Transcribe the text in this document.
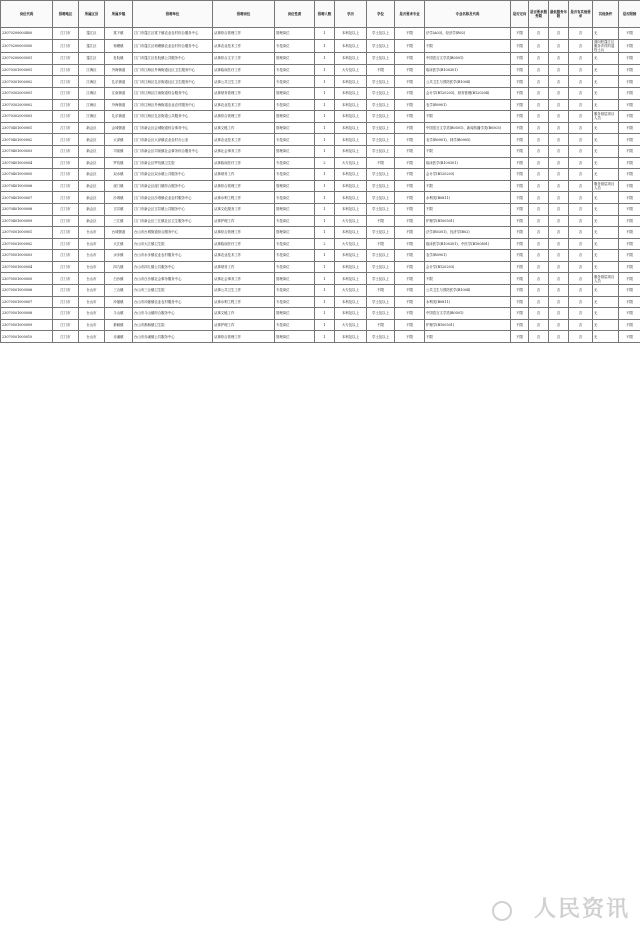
岗位代码	招聘地区	所属区县	所属乡镇	招聘单位	招聘岗位	岗位性质	招聘人数	学历	学位	是否要求专业	专业名称及代码	是否定向	是否要求服务期	最低服务年限	是否有其他要求	其他条件	是否限制
23070200000400	江门市	蓬江区	棠下镇	江门市蓬江区棠下镇农业农村综合服务中心	从事综合管理工作	管理岗位	1	本科及以上	学士及以上	不限	法学(A03)、经济学(B02)	不限	否	否	否	无	不限
23070200000500	江门市	蓬江区	荷塘镇	江门市蓬江区荷塘镇农业农村综合服务中心	从事农业技术工作	专技岗位	1	本科及以上	学士及以上	不限	不限	不限	否	否	否	面向驻蓬江区服务乡村的退役士兵	不限
23070200000501	江门市	蓬江区	杜阮镇	江门市蓬江区杜阮镇公共服务中心	从事综合文字工作	管理岗位	1	本科及以上	学士及以上	不限	中国语言文学类(B0501)	不限	否	否	否	无	不限
23070301000001	江门市	江海区	外海街道	江门市江海区外海街道社区卫生服务中心	从事临床医疗工作	专技岗位	1	大专及以上	不限	不限	临床医学(B100301)	不限	否	否	否	无	不限
23070301000002	江门市	江海区	礼乐街道	江门市江海区礼乐街道社区卫生服务中心	从事公共卫生工作	专技岗位	1	本科及以上	学士及以上	不限	公共卫生与预防医学(B1004)	不限	否	否	否	无	不限
23070302000001	江门市	江海区	江南街道	江门市江海区江南街道综合服务中心	从事财务管理工作	管理岗位	1	本科及以上	学士及以上	不限	会计学(B120203)、财务管理(B120204)	不限	否	否	否	无	不限
23070302000002	江门市	江海区	外海街道	江门市江海区外海街道农业农村服务中心	从事农业技术工作	专技岗位	1	本科及以上	学士及以上	不限	农学(B0901)	不限	否	否	否	无	不限
23070302000003	江门市	江海区	礼乐街道	江门市江海区礼乐街道公共服务中心	从事综合管理工作	管理岗位	1	本科及以上	学士及以上	不限	不限	不限	否	否	否	服务基层项目人员	不限
23070401000001	江门市	新会区	会城街道	江门市新会区会城街道综合事务中心	从事文秘工作	管理岗位	1	本科及以上	学士及以上	不限	中国语言文学类(B0501)、新闻传播学类(B0503)	不限	否	否	否	无	不限
23070401000002	江门市	新会区	大泽镇	江门市新会区大泽镇农业农村办公室	从事农业技术工作	专技岗位	1	本科及以上	学士及以上	不限	农学(B0901)、林学(B0905)	不限	否	否	否	无	不限
23070401000003	江门市	新会区	司前镇	江门市新会区司前镇社会事务综合服务中心	从事社会事务工作	管理岗位	1	本科及以上	学士及以上	不限	不限	不限	否	否	否	无	不限
23070401000004	江门市	新会区	罗坑镇	江门市新会区罗坑镇卫生院	从事临床医疗工作	专技岗位	2	大专及以上	不限	不限	临床医学(B100301)	不限	否	否	否	无	不限
23070401000005	江门市	新会区	双水镇	江门市新会区双水镇公共服务中心	从事财务工作	专技岗位	1	本科及以上	学士及以上	不限	会计学(B120203)	不限	否	否	否	无	不限
23070401000006	江门市	新会区	崖门镇	江门市新会区崖门镇综合服务中心	从事综合管理工作	管理岗位	1	本科及以上	学士及以上	不限	不限	不限	否	否	否	服务基层项目人员	不限
23070401000007	江门市	新会区	沙堆镇	江门市新会区沙堆镇农业农村服务中心	从事水利工程工作	专技岗位	1	本科及以上	学士及以上	不限	水利类(B0811)	不限	否	否	否	无	不限
23070401000008	江门市	新会区	古井镇	江门市新会区古井镇公共服务中心	从事文化服务工作	管理岗位	1	本科及以上	学士及以上	不限	不限	不限	否	否	否	无	不限
23070401000009	江门市	新会区	三江镇	江门市新会区三江镇社区卫生服务中心	从事护理工作	专技岗位	1	大专及以上	不限	不限	护理学(B100501)	不限	否	否	否	无	不限
23070501000001	江门市	台山市	台城街道	台山市台城街道综合服务中心	从事综合管理工作	管理岗位	1	本科及以上	学士及以上	不限	法学(B0301)、经济学(B02)	不限	否	否	否	无	不限
23070501000002	江门市	台山市	大江镇	台山市大江镇卫生院	从事临床医疗工作	专技岗位	2	大专及以上	不限	不限	临床医学(B100301)、中医学(B100801)	不限	否	否	否	无	不限
23070501000003	江门市	台山市	水步镇	台山市水步镇农业农村服务中心	从事农业技术工作	专技岗位	1	本科及以上	学士及以上	不限	农学(B0901)	不限	否	否	否	无	不限
23070501000004	江门市	台山市	四九镇	台山市四九镇公共服务中心	从事财务工作	专技岗位	1	本科及以上	学士及以上	不限	会计学(B120203)	不限	否	否	否	无	不限
23070501000005	江门市	台山市	白沙镇	台山市白沙镇社会事务服务中心	从事社会事务工作	管理岗位	1	本科及以上	学士及以上	不限	不限	不限	否	否	否	服务基层项目人员	不限
23070501000006	江门市	台山市	三合镇	台山市三合镇卫生院	从事公共卫生工作	专技岗位	1	大专及以上	不限	不限	公共卫生与预防医学(B1004)	不限	否	否	否	无	不限
23070501000007	江门市	台山市	冲蒌镇	台山市冲蒌镇农业农村服务中心	从事水利工程工作	专技岗位	1	本科及以上	学士及以上	不限	水利类(B0811)	不限	否	否	否	无	不限
23070501000008	江门市	台山市	斗山镇	台山市斗山镇综合服务中心	从事文秘工作	管理岗位	1	本科及以上	学士及以上	不限	中国语言文学类(B0501)	不限	否	否	否	无	不限
23070501000009	江门市	台山市	都斛镇	台山市都斛镇卫生院	从事护理工作	专技岗位	1	大专及以上	不限	不限	护理学(B100501)	不限	否	否	否	无	不限
23070501000010	江门市	台山市	赤溪镇	台山市赤溪镇公共服务中心	从事综合管理工作	管理岗位	1	本科及以上	学士及以上	不限	不限	不限	否	否	否	无	不限
人民资讯
